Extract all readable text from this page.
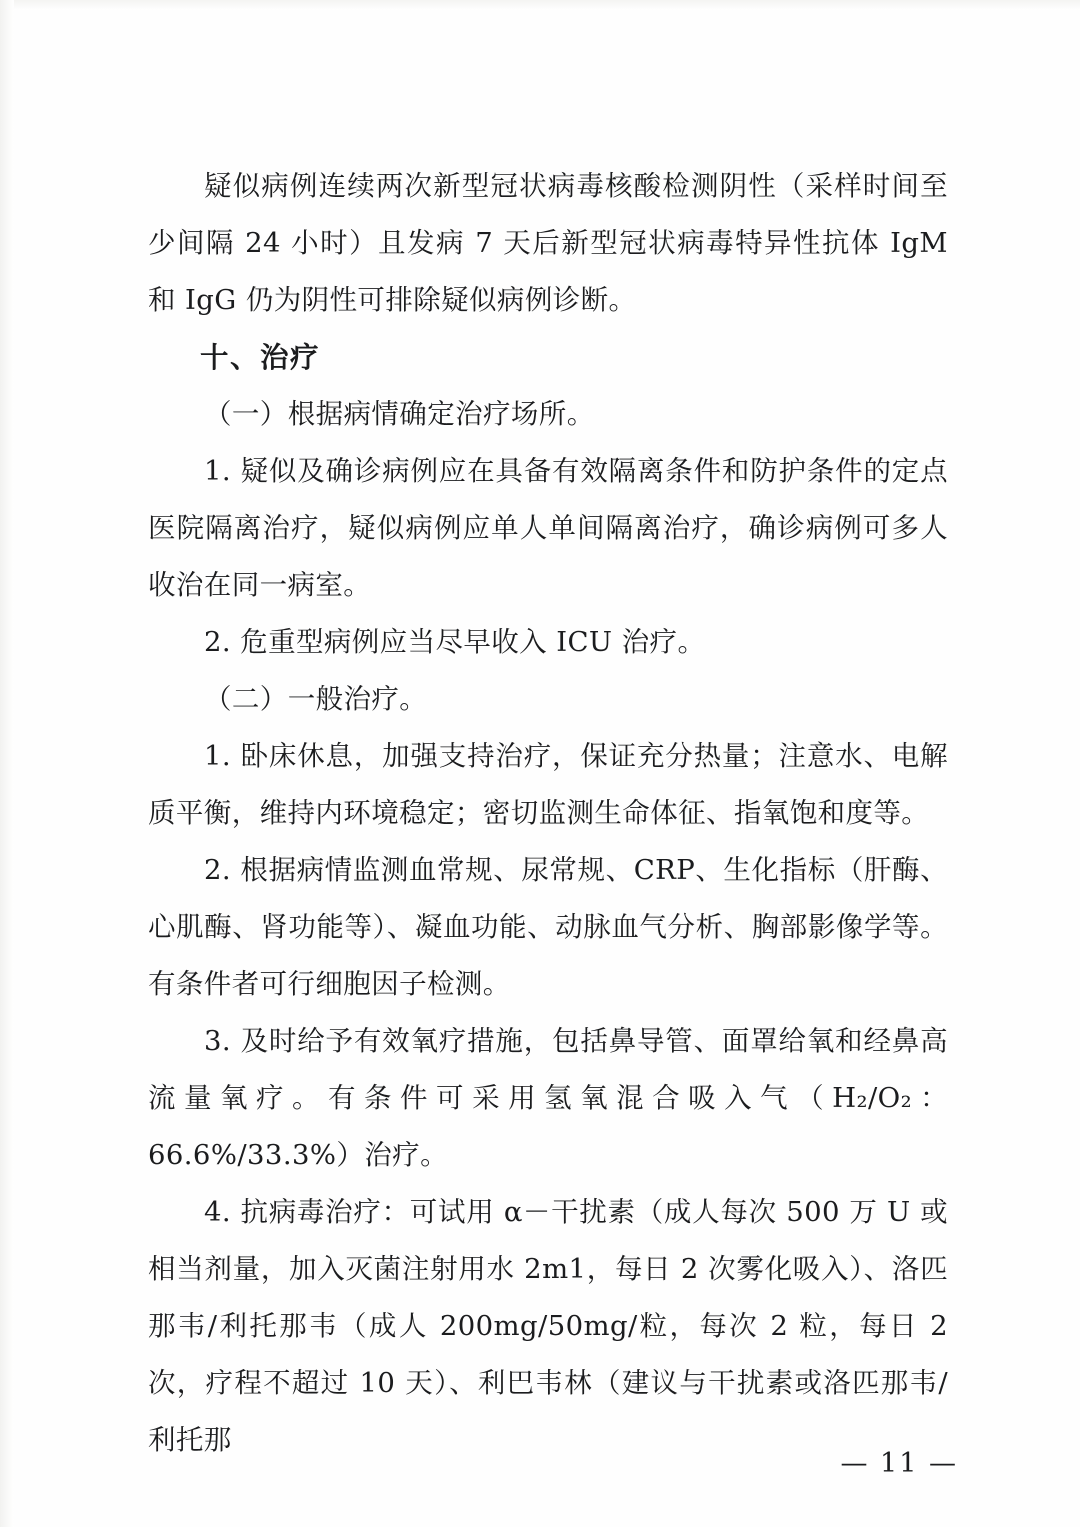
疑似病例连续两次新型冠状病毒核酸检测阴性（采样时间至少间隔 24 小时）且发病 7 天后新型冠状病毒特异性抗体 IgM 和 IgG 仍为阴性可排除疑似病例诊断。

十、治疗

（一）根据病情确定治疗场所。

1. 疑似及确诊病例应在具备有效隔离条件和防护条件的定点医院隔离治疗，疑似病例应单人单间隔离治疗，确诊病例可多人收治在同一病室。

2. 危重型病例应当尽早收入 ICU 治疗。

（二）一般治疗。

1. 卧床休息，加强支持治疗，保证充分热量；注意水、电解质平衡，维持内环境稳定；密切监测生命体征、指氧饱和度等。

2. 根据病情监测血常规、尿常规、CRP、生化指标（肝酶、心肌酶、肾功能等）、凝血功能、动脉血气分析、胸部影像学等。有条件者可行细胞因子检测。

3. 及时给予有效氧疗措施，包括鼻导管、面罩给氧和经鼻高流量氧疗。有条件可采用氢氧混合吸入气（H₂/O₂：66.6%/33.3%）治疗。

4. 抗病毒治疗：可试用 α－干扰素（成人每次 500 万 U 或相当剂量，加入灭菌注射用水 2m1，每日 2 次雾化吸入）、洛匹那韦/利托那韦（成人 200mg/50mg/粒，每次 2 粒，每日 2 次，疗程不超过 10 天）、利巴韦林（建议与干扰素或洛匹那韦/利托那

— 11 —
